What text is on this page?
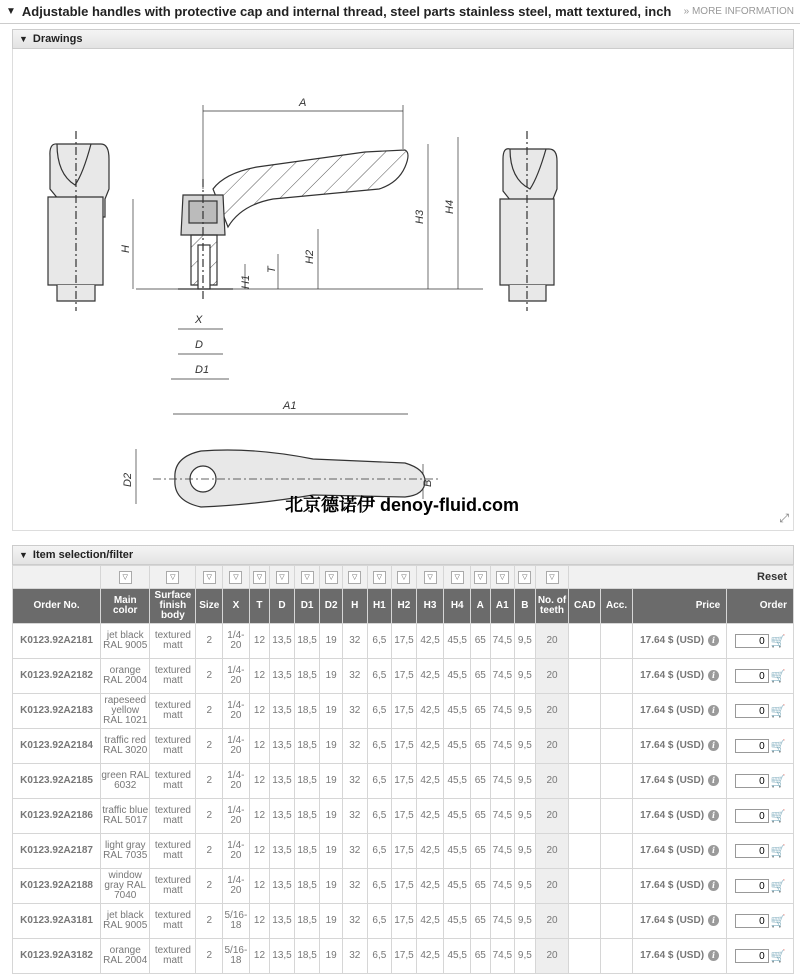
▼ Adjustable handles with protective cap and internal thread, steel parts stainless steel, matt textured, inch » MORE INFORMATION
▼ Drawings
A
A1
H
H1
H2
H3
H4
T
X
D
D1
D2	B
北京德诺伊 denoy-fluid.com
⤢
▼ Item selection/filter
	▽	▽	▽	▽	▽	▽	▽	▽	▽	▽	▽	▽	▽	▽	▽	▽	▽	Reset			
Order No.	Main color	Surface finish body	Size	X	T	D	D1	D2	H	H1	H2	H3	H4	A	A1	B	No. of teeth	CAD	Acc.	Price	Order
K0123.92A2181	jet black RAL 9005	textured matt	2	1/4-20	12	13,5	18,5	19	32	6,5	17,5	42,5	45,5	65	74,5	9,5	20			17.64 $ (USD) i	0🛒
K0123.92A2182	orange RAL 2004	textured matt	2	1/4-20	12	13,5	18,5	19	32	6,5	17,5	42,5	45,5	65	74,5	9,5	20			17.64 $ (USD) i	0🛒
K0123.92A2183	rapeseed yellow RAL 1021	textured matt	2	1/4-20	12	13,5	18,5	19	32	6,5	17,5	42,5	45,5	65	74,5	9,5	20			17.64 $ (USD) i	0🛒
K0123.92A2184	traffic red RAL 3020	textured matt	2	1/4-20	12	13,5	18,5	19	32	6,5	17,5	42,5	45,5	65	74,5	9,5	20			17.64 $ (USD) i	0🛒
K0123.92A2185	green RAL 6032	textured matt	2	1/4-20	12	13,5	18,5	19	32	6,5	17,5	42,5	45,5	65	74,5	9,5	20			17.64 $ (USD) i	0🛒
K0123.92A2186	traffic blue RAL 5017	textured matt	2	1/4-20	12	13,5	18,5	19	32	6,5	17,5	42,5	45,5	65	74,5	9,5	20			17.64 $ (USD) i	0🛒
K0123.92A2187	light gray RAL 7035	textured matt	2	1/4-20	12	13,5	18,5	19	32	6,5	17,5	42,5	45,5	65	74,5	9,5	20			17.64 $ (USD) i	0🛒
K0123.92A2188	window gray RAL 7040	textured matt	2	1/4-20	12	13,5	18,5	19	32	6,5	17,5	42,5	45,5	65	74,5	9,5	20			17.64 $ (USD) i	0🛒
K0123.92A3181	jet black RAL 9005	textured matt	2	5/16-18	12	13,5	18,5	19	32	6,5	17,5	42,5	45,5	65	74,5	9,5	20			17.64 $ (USD) i	0🛒
K0123.92A3182	orange RAL 2004	textured matt	2	5/16-18	12	13,5	18,5	19	32	6,5	17,5	42,5	45,5	65	74,5	9,5	20			17.64 $ (USD) i	0🛒
